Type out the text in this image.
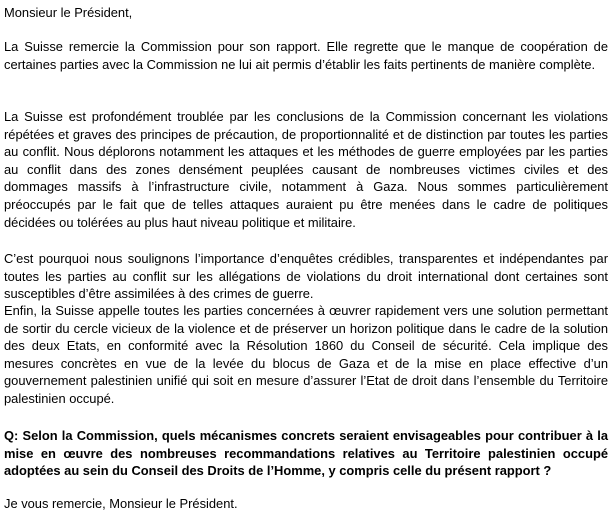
Monsieur le Président,

La Suisse remercie la Commission pour son rapport. Elle regrette que le manque de coopération de certaines parties avec la Commission ne lui ait permis d’établir les faits pertinents de manière complète.

La Suisse est profondément troublée par les conclusions de la Commission concernant les violations répétées et graves des principes de précaution, de proportionnalité et de distinction par toutes les parties au conflit. Nous déplorons notamment les attaques et les méthodes de guerre employées par les parties au conflit dans des zones densément peuplées causant de nombreuses victimes civiles et des dommages massifs à l’infrastructure civile, notamment à Gaza. Nous sommes particulièrement préoccupés par le fait que de telles attaques auraient pu être menées dans le cadre de politiques décidées ou tolérées au plus haut niveau politique et militaire.

C’est pourquoi nous soulignons l’importance d’enquêtes crédibles, transparentes et indépendantes par toutes les parties au conflit sur les allégations de violations du droit international dont certaines sont susceptibles d’être assimilées à des crimes de guerre.

Enfin, la Suisse appelle toutes les parties concernées à œuvrer rapidement vers une solution permettant de sortir du cercle vicieux de la violence et de préserver un horizon politique dans le cadre de la solution des deux Etats, en conformité avec la Résolution 1860 du Conseil de sécurité. Cela implique des mesures concrètes en vue de la levée du blocus de Gaza et de la mise en place effective d’un gouvernement palestinien unifié qui soit en mesure d’assurer l’Etat de droit dans l’ensemble du Territoire palestinien occupé.

Q: Selon la Commission, quels mécanismes concrets seraient envisageables pour contribuer à la mise en œuvre des nombreuses recommandations relatives au Territoire palestinien occupé adoptées au sein du Conseil des Droits de l’Homme, y compris celle du présent rapport ?

Je vous remercie, Monsieur le Président.
